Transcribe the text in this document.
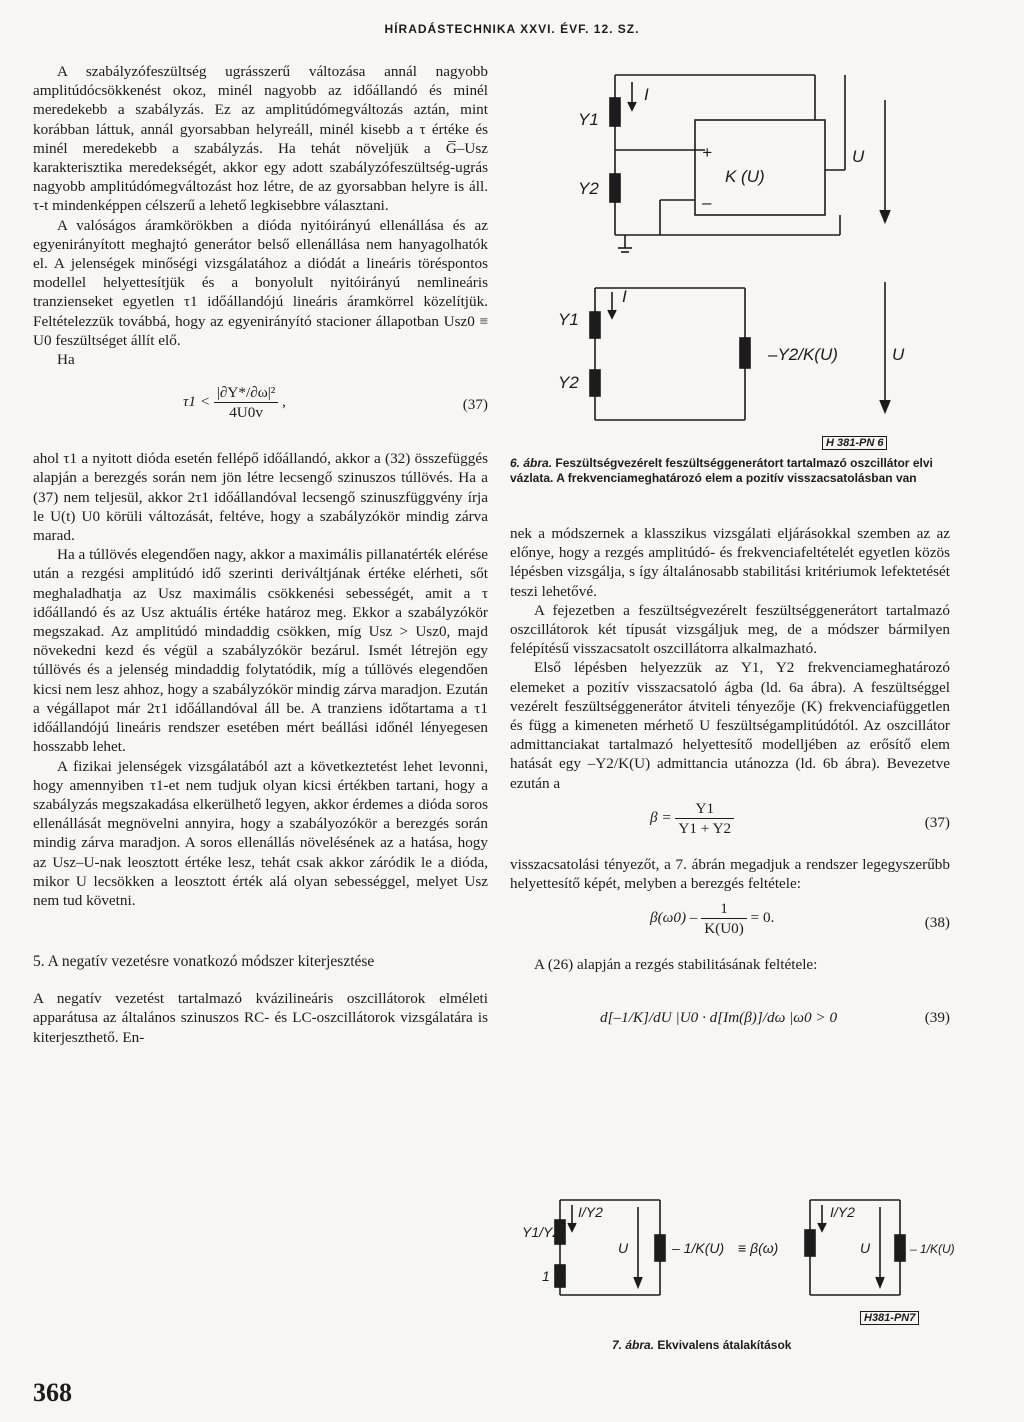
HÍRADÁSTECHNIKA XXVI. ÉVF. 12. SZ.

A szabályzófeszültség ugrásszerű változása annál nagyobb amplitúdócsökkenést okoz, minél nagyobb az időállandó és minél meredekebb a szabályzás. Ez az amplitúdómegváltozás aztán, mint korábban láttuk, annál gyorsabban helyreáll, minél kisebb a τ értéke és minél meredekebb a szabályzás. Ha tehát növeljük a G̅–Usz karakterisztika meredekségét, akkor egy adott szabályzófeszültség-ugrás nagyobb amplitúdómegváltozást hoz létre, de az gyorsabban helyre is áll. τ-t mindenképpen célszerű a lehető legkisebbre választani.

A valóságos áramkörökben a dióda nyitóirányú ellenállása és az egyenirányított meghajtó generátor belső ellenállása nem hanyagolhatók el. A jelenségek minőségi vizsgálatához a diódát a lineáris töréspontos modellel helyettesítjük és a bonyolult nyitóirányú nemlineáris tranzienseket egyetlen τ1 időállandójú lineáris áramkörrel közelítjük. Feltételezzük továbbá, hogy az egyenirányító stacioner állapotban Usz0 ≡ U0 feszültséget állít elő.

Ha

$\tau 1 < \frac{\text{|∂Y*/∂ω|²}}{4U0v}$ ,	(37)

ahol τ1 a nyitott dióda esetén fellépő időállandó, akkor a (32) összefüggés alapján a berezgés során nem jön létre lecsengő szinuszos túllövés. Ha a (37) nem teljesül, akkor 2τ1 időállandóval lecsengő szinuszfüggvény írja le U(t) U0 körüli változását, feltéve, hogy a szabályzókör mindig zárva marad.

Ha a túllövés elegendően nagy, akkor a maximális pillanatérték elérése után a rezgési amplitúdó idő szerinti deriváltjának értéke elérheti, sőt meghaladhatja az Usz maximális csökkenési sebességét, amit a τ időállandó és az Usz aktuális értéke határoz meg. Ekkor a szabályzókör megszakad. Az amplitúdó mindaddig csökken, míg Usz > Usz0, majd növekedni kezd és végül a szabályzókör bezárul. Ismét létrejön egy túllövés és a jelenség mindaddig folytatódik, míg a túllövés elegendően kicsi nem lesz ahhoz, hogy a szabályzókör mindig zárva maradjon. Ezután a végállapot már 2τ1 időállandóval áll be. A tranziens időtartama a τ1 időállandójú lineáris rendszer esetében mért beállási időnél lényegesen hosszabb lehet.

A fizikai jelenségek vizsgálatából azt a következtetést lehet levonni, hogy amennyiben τ1-et nem tudjuk olyan kicsi értékben tartani, hogy a szabályzás megszakadása elkerülhető legyen, akkor érdemes a dióda soros ellenállását megnövelni annyira, hogy a szabályozókör a berezgés során mindig zárva maradjon. A soros ellenállás növelésének az a hatása, hogy az Usz–U-nak leosztott értéke lesz, tehát csak akkor záródik le a dióda, mikor U lecsökken a leosztott érték alá olyan sebességgel, melyet Usz nem tud követni.

5. A negatív vezetésre vonatkozó módszer kiterjesztése

A negatív vezetést tartalmazó kvázilineáris oszcillátorok elméleti apparátusa az általános szinuszos RC- és LC-oszcillátorok vizsgálatára is kiterjeszthető. En-

Y1
Y2
I
U
K (U)
+
–
Y1
Y2
I
–Y2/K(U)	U
H 381-PN 6
6. ábra. Feszültségvezérelt feszültséggenerátort tartalmazó oszcillátor elvi vázlata. A frekvenciameghatározó elem a pozitív visszacsatolásban van

nek a módszernek a klasszikus vizsgálati eljárásokkal szemben az az előnye, hogy a rezgés amplitúdó- és frekvenciafeltételét egyetlen közös lépésben vizsgálja, s így általánosabb stabilitási kritériumok lefektetését teszi lehetővé.

A fejezetben a feszültségvezérelt feszültséggenerátort tartalmazó oszcillátorok két típusát vizsgáljuk meg, de a módszer bármilyen felépítésű visszacsatolt oszcillátorra alkalmazható.

Első lépésben helyezzük az Y1, Y2 frekvenciameghatározó elemeket a pozitív visszacsatoló ágba (ld. 6a ábra). A feszültséggel vezérelt feszültséggenerátor átviteli tényezője (K) frekvenciafüggetlen és függ a kimeneten mérhető U feszültségamplitúdótól. Az oszcillátor admittanciakat tartalmazó helyettesítő modelljében az erősítő elem hatását egy –Y2/K(U) admittancia utánozza (ld. 6b ábra). Bevezetve ezután a

$\beta = \frac{Y1}{Y1 + Y2}$	(37)

visszacsatolási tényezőt, a 7. ábrán megadjuk a rendszer legegyszerűbb helyettesítő képét, melyben a berezgés feltétele:

$\beta(\omega 0) - \frac{1}{K(U0)} = 0$.	(38)

A (26) alapján a rezgés stabilitásának feltétele:

d[–1/K]/dU |U0 · d[Im(β)]/dω |ω0 > 0	(39)
Y1/Y2
1
I/Y2
U	– 1/K(U) ≡ β(ω)
I/Y2
U	– 1/K(U)
H381-PN7
7. ábra. Ekvivalens átalakítások
368
